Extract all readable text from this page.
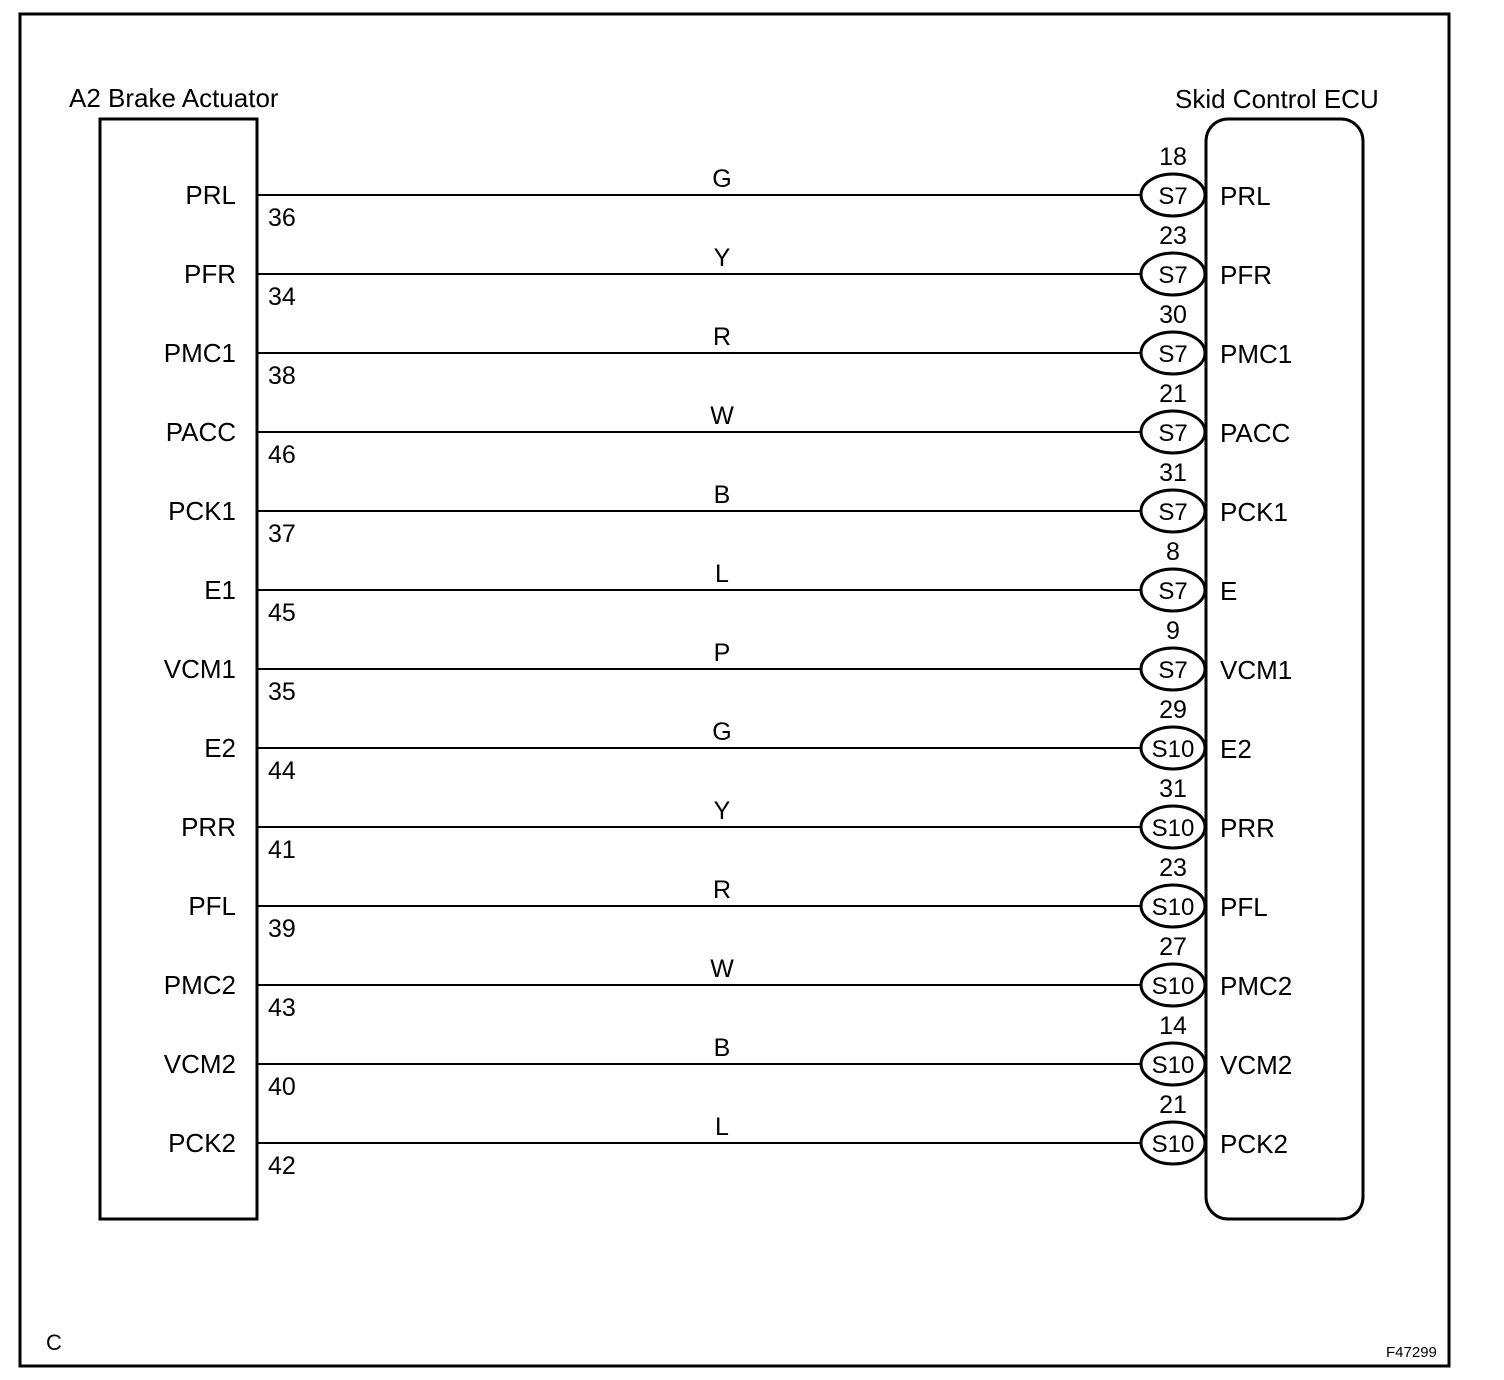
A2 Brake Actuator	Skid Control ECU
PRL
36
G
18
S7 PRL
PFR
34
Y
23
S7 PFR
PMC1
38
R
30
S7 PMC1
PACC
46
W
21
S7 PACC
PCK1
37
B
31
S7 PCK1
E1
45
L
8
S7 E
VCM1
35
P
9
S7 VCM1
E2
44
G
29
S10 E2
PRR
41
Y
31
S10 PRR
PFL
39
R
23
S10 PFL
PMC2
43
W
27
S10 PMC2
VCM2
40
B
14
S10 VCM2
PCK2
42
L
21
S10 PCK2
C	F47299
